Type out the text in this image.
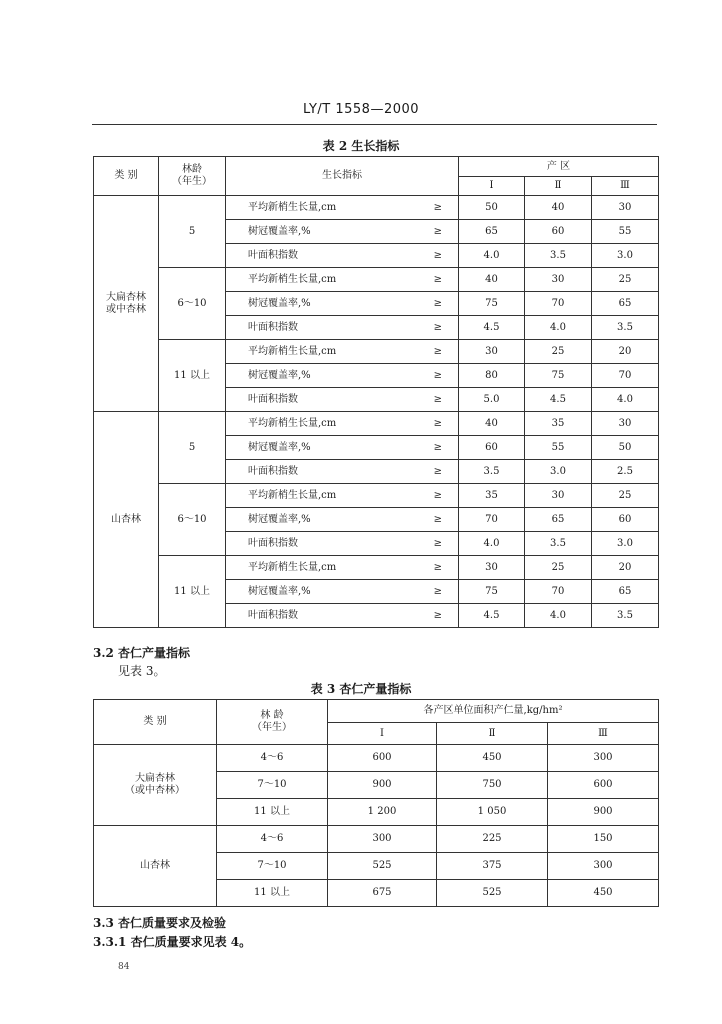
LY/T 1558—2000
表 2 生长指标
类 别	林龄
（年生）	生长指标		产 区		
				Ⅰ	Ⅱ	Ⅲ
大扁杏林
或中杏林	5	平均新梢生长量,cm	≥	50	40	30
		树冠覆盖率,%	≥	65	60	55
		叶面积指数	≥	4.0	3.5	3.0
	6～10	平均新梢生长量,cm	≥	40	30	25
		树冠覆盖率,%	≥	75	70	65
		叶面积指数	≥	4.5	4.0	3.5
	11 以上	平均新梢生长量,cm	≥	30	25	20
		树冠覆盖率,%	≥	80	75	70
		叶面积指数	≥	5.0	4.5	4.0
山杏林	5	平均新梢生长量,cm	≥	40	35	30
		树冠覆盖率,%	≥	60	55	50
		叶面积指数	≥	3.5	3.0	2.5
	6～10	平均新梢生长量,cm	≥	35	30	25
		树冠覆盖率,%	≥	70	65	60
		叶面积指数	≥	4.0	3.5	3.0
	11 以上	平均新梢生长量,cm	≥	30	25	20
		树冠覆盖率,%	≥	75	70	65
		叶面积指数	≥	4.5	4.0	3.5
3.2 杏仁产量指标
见表 3。
表 3 杏仁产量指标
类 别	林 龄
（年生）	各产区单位面积产仁量,kg/hm²		
		Ⅰ	Ⅱ	Ⅲ
大扁杏林
（或中杏林）	4～6	600	450	300
	7～10	900	750	600
	11 以上	1 200	1 050	900
山杏林	4～6	300	225	150
	7～10	525	375	300
	11 以上	675	525	450
3.3 杏仁质量要求及检验
3.3.1 杏仁质量要求见表 4。
84
